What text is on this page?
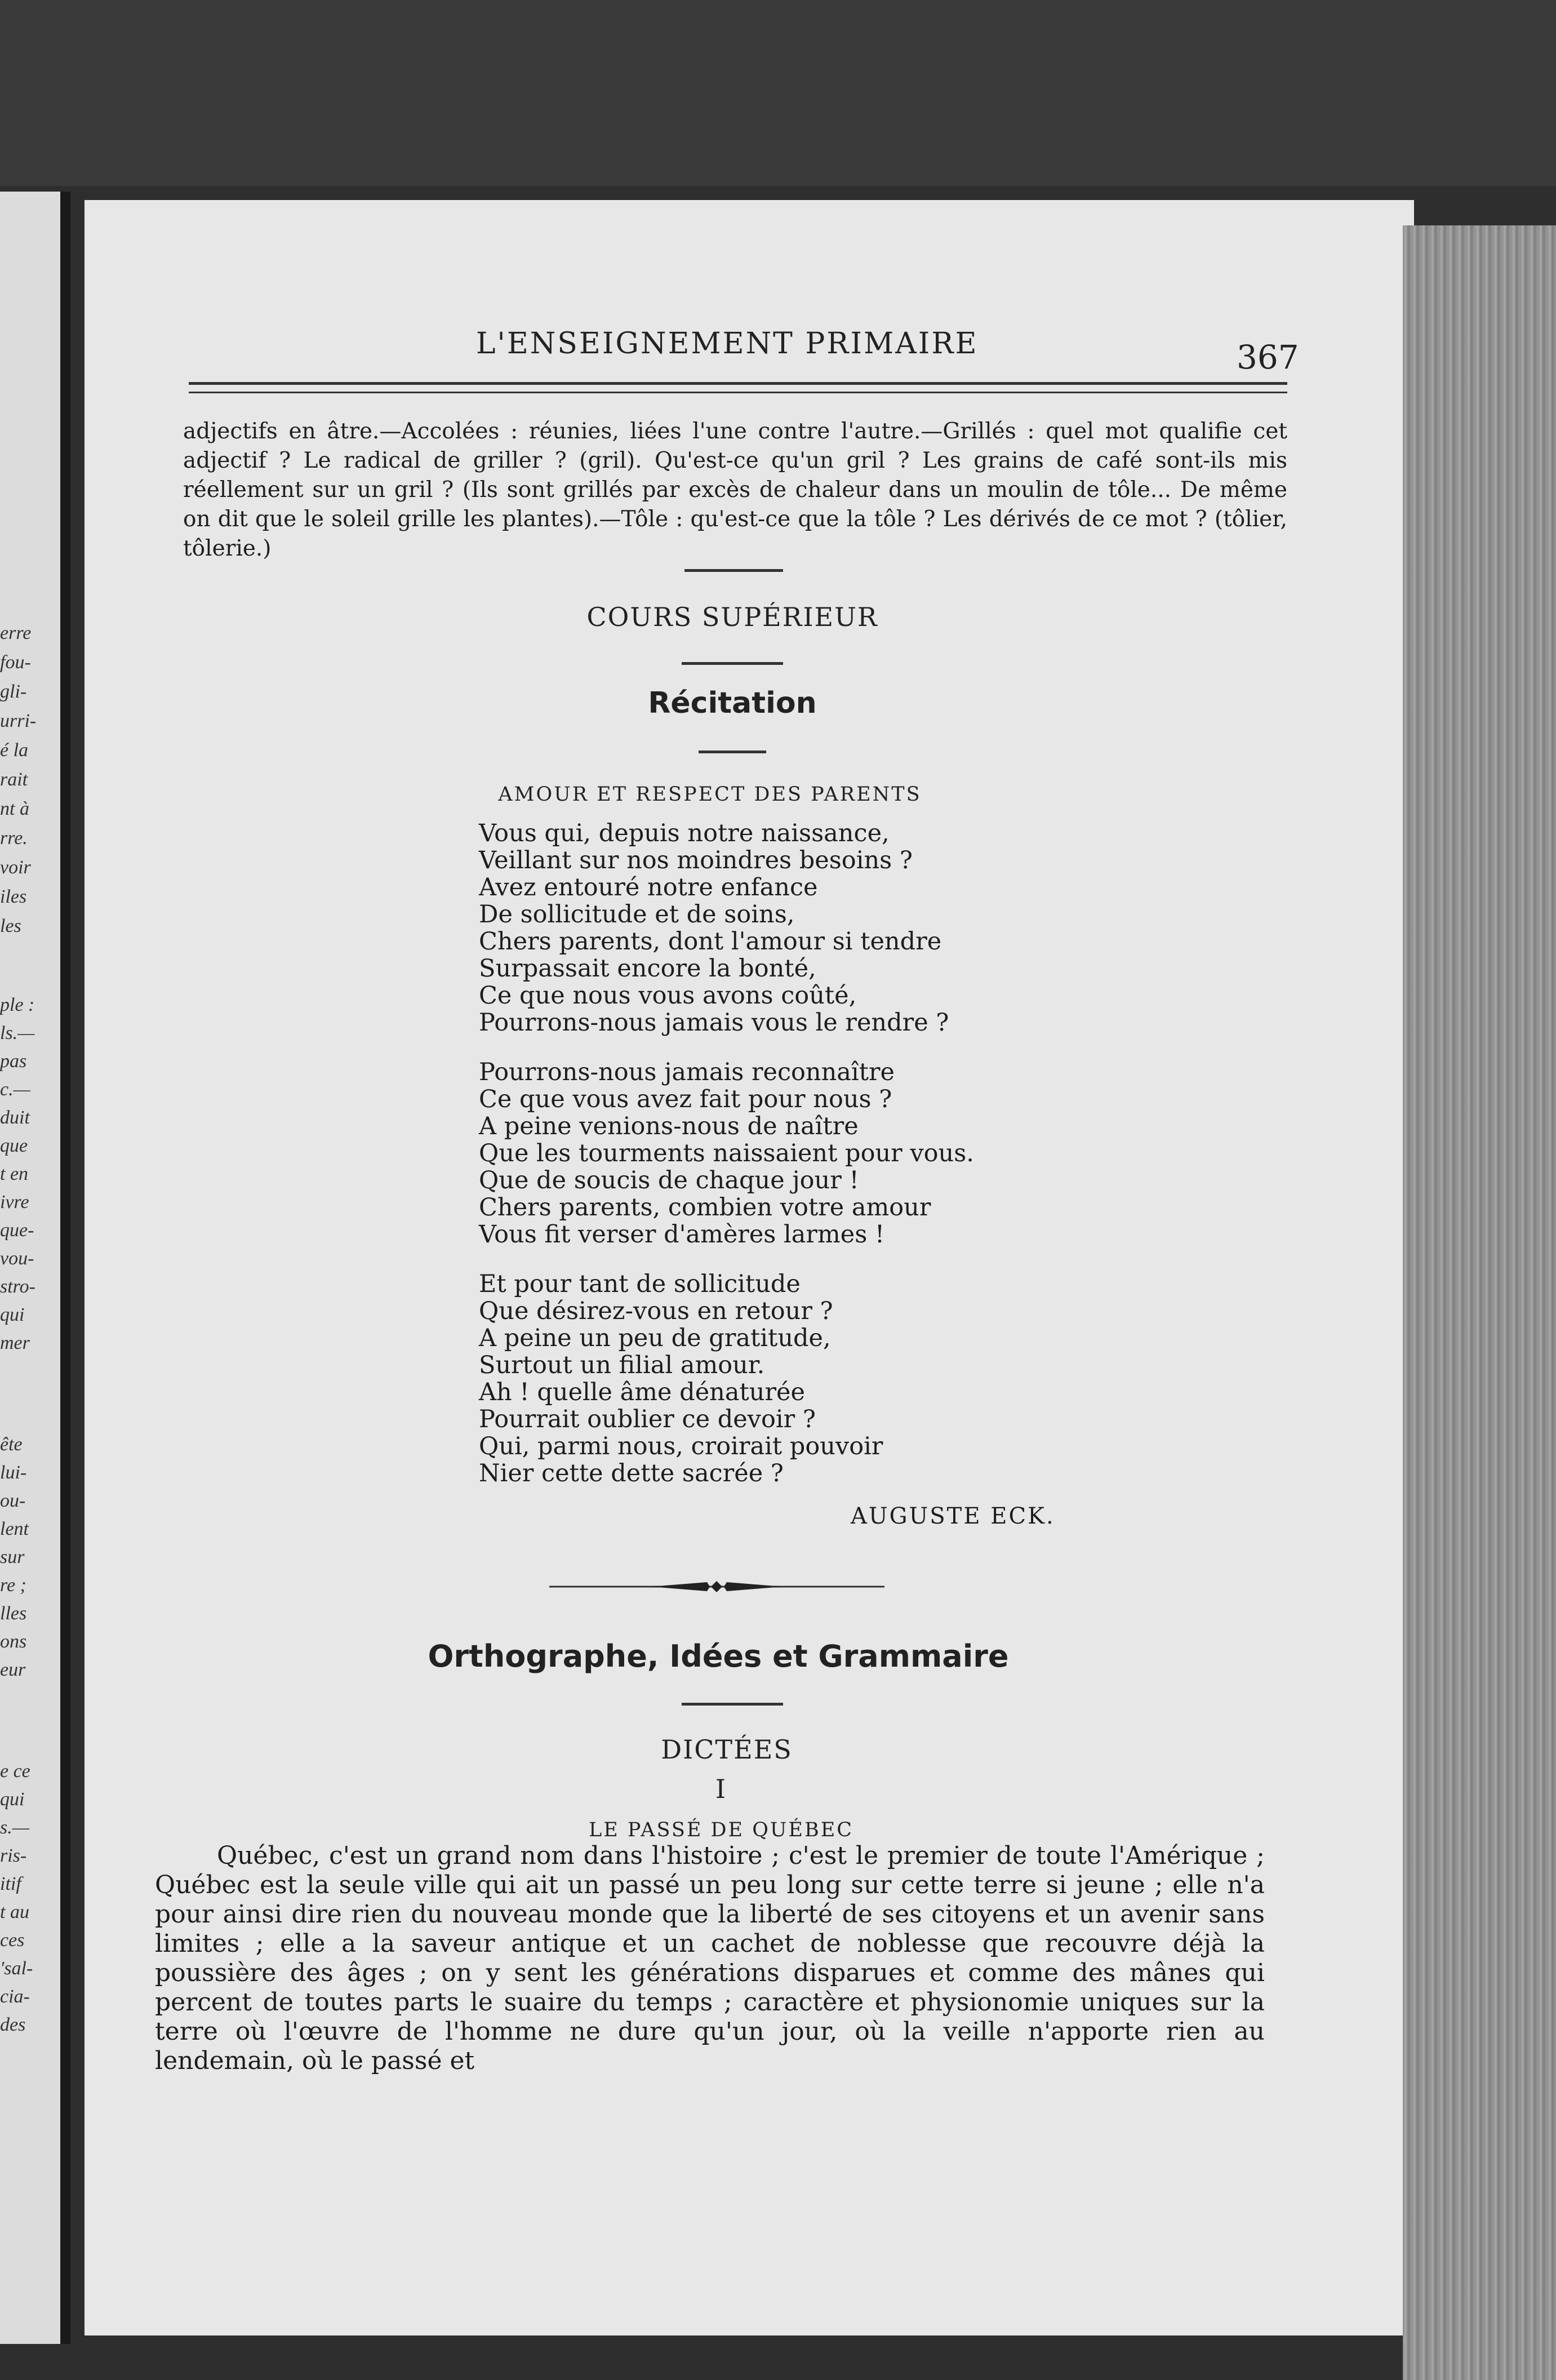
erre
fou-
gli-
urri-
é la
rait
nt à
rre.
voir
iles
les
ple :
ls.—
pas
c.—
duit
que
t en
ivre
que-
vou-
stro-
qui
mer
ête
lui-
ou-
lent
sur
re ;
lles
ons
eur
e ce
qui
s.—
ris-
itif
t au
ces
'sal-
cia-
des
L'ENSEIGNEMENT PRIMAIRE	367

adjectifs en âtre.—Accolées : réunies, liées l'une contre l'autre.—Grillés : quel mot qualifie cet adjectif ? Le radical de griller ? (gril). Qu'est-ce qu'un gril ? Les grains de café sont-ils mis réellement sur un gril ? (Ils sont grillés par excès de chaleur dans un moulin de tôle... De même on dit que le soleil grille les plantes).—Tôle : qu'est-ce que la tôle ? Les dérivés de ce mot ? (tôlier, tôlerie.)

COURS SUPÉRIEUR
Récitation
AMOUR ET RESPECT DES PARENTS

Vous qui, depuis notre naissance,

Veillant sur nos moindres besoins ?

Avez entouré notre enfance

De sollicitude et de soins,

Chers parents, dont l'amour si tendre

Surpassait encore la bonté,

Ce que nous vous avons coûté,

Pourrons-nous jamais vous le rendre ?

Pourrons-nous jamais reconnaître

Ce que vous avez fait pour nous ?

A peine venions-nous de naître

Que les tourments naissaient pour vous.

Que de soucis de chaque jour !

Chers parents, combien votre amour

Vous fit verser d'amères larmes !

Et pour tant de sollicitude

Que désirez-vous en retour ?

A peine un peu de gratitude,

Surtout un filial amour.

Ah ! quelle âme dénaturée

Pourrait oublier ce devoir ?

Qui, parmi nous, croirait pouvoir

Nier cette dette sacrée ?

AUGUSTE ECK.
Orthographe, Idées et Grammaire
DICTÉES
I
LE PASSÉ DE QUÉBEC

Québec, c'est un grand nom dans l'histoire ; c'est le premier de toute l'Amérique ; Québec est la seule ville qui ait un passé un peu long sur cette terre si jeune ; elle n'a pour ainsi dire rien du nouveau monde que la liberté de ses citoyens et un avenir sans limites ; elle a la saveur antique et un cachet de noblesse que recouvre déjà la poussière des âges ; on y sent les générations disparues et comme des mânes qui percent de toutes parts le suaire du temps ; caractère et physionomie uniques sur la terre où l'œuvre de l'homme ne dure qu'un jour, où la veille n'apporte rien au lendemain, où le passé et
